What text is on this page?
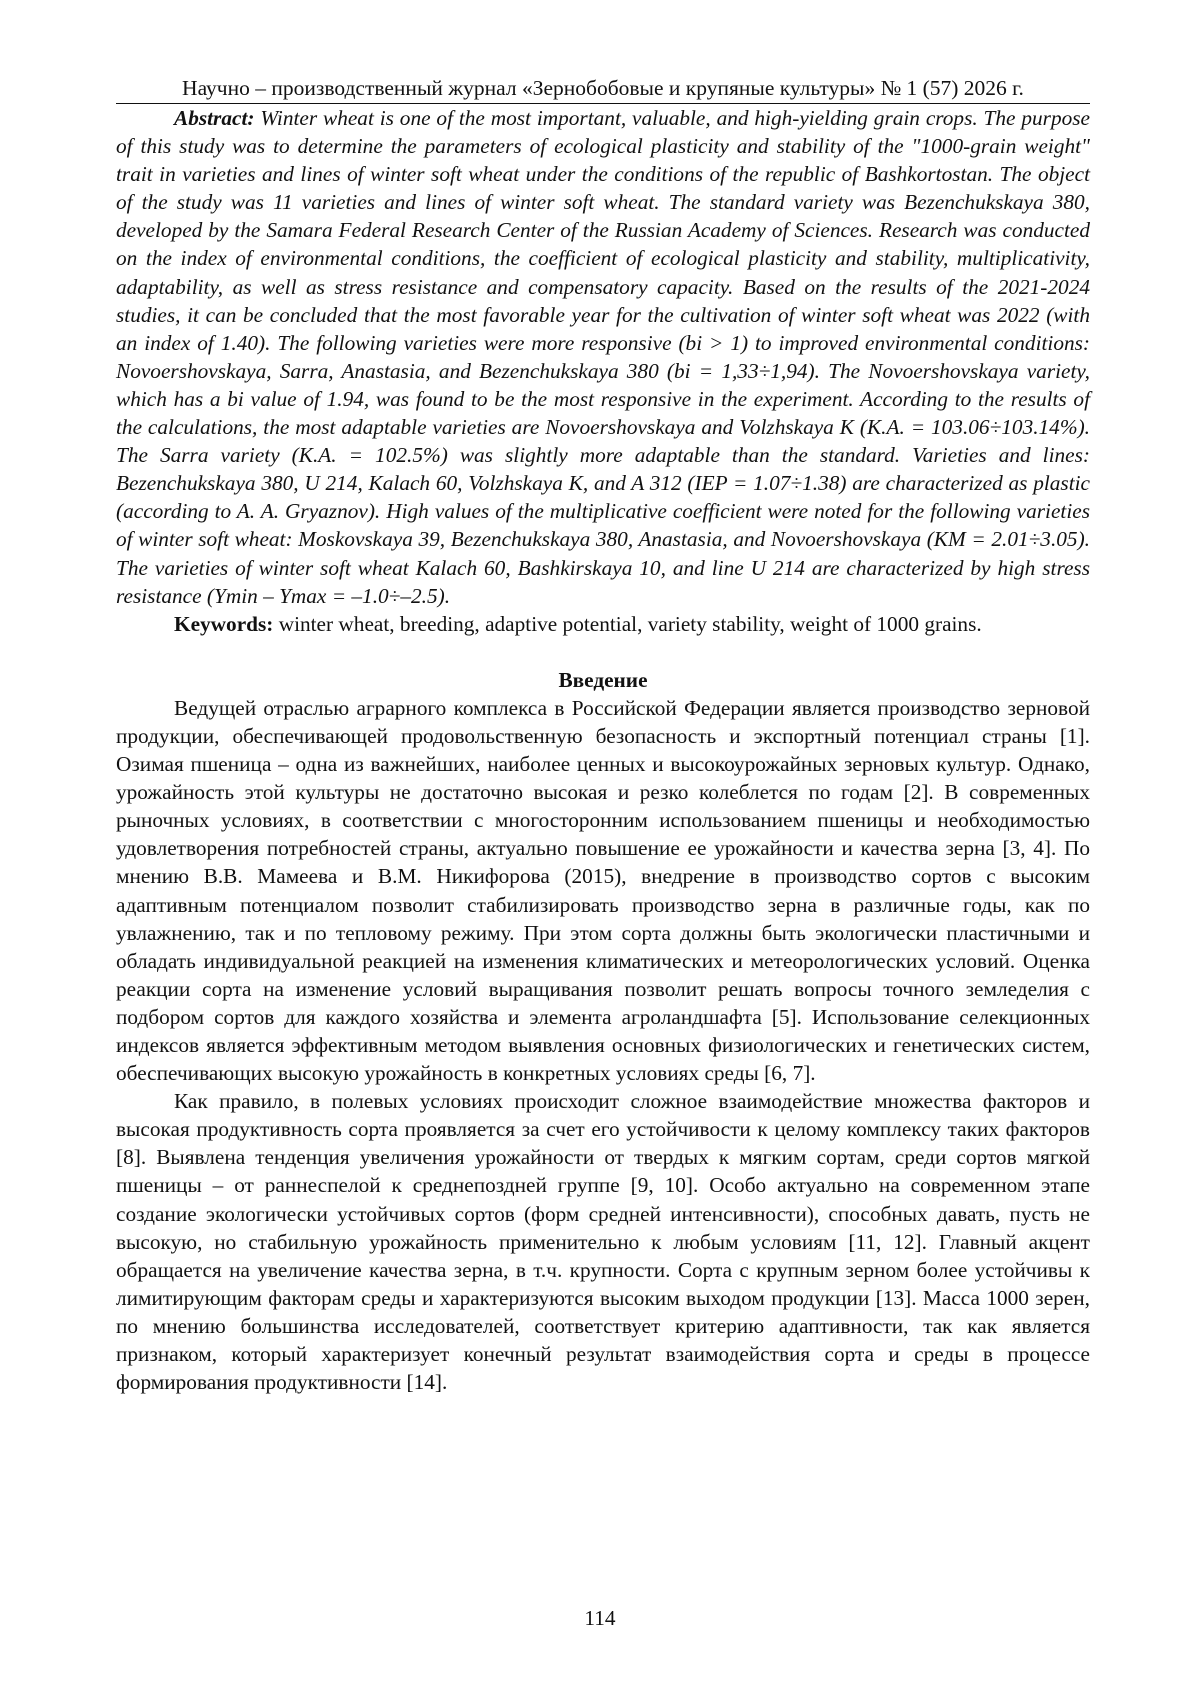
Научно – производственный журнал «Зернобобовые и крупяные культуры» № 1 (57) 2026 г.

Abstract: Winter wheat is one of the most important, valuable, and high-yielding grain crops. The purpose of this study was to determine the parameters of ecological plasticity and stability of the "1000-grain weight" trait in varieties and lines of winter soft wheat under the conditions of the republic of Bashkortostan. The object of the study was 11 varieties and lines of winter soft wheat. The standard variety was Bezenchukskaya 380, developed by the Samara Federal Research Center of the Russian Academy of Sciences. Research was conducted on the index of environmental conditions, the coefficient of ecological plasticity and stability, multiplicativity, adaptability, as well as stress resistance and compensatory capacity. Based on the results of the 2021-2024 studies, it can be concluded that the most favorable year for the cultivation of winter soft wheat was 2022 (with an index of 1.40). The following varieties were more responsive (bi > 1) to improved environmental conditions: Novoershovskaya, Sarra, Anastasia, and Bezenchukskaya 380 (bi = 1,33÷1,94). The Novoershovskaya variety, which has a bi value of 1.94, was found to be the most responsive in the experiment. According to the results of the calculations, the most adaptable varieties are Novoershovskaya and Volzhskaya K (K.A. = 103.06÷103.14%). The Sarra variety (K.A. = 102.5%) was slightly more adaptable than the standard. Varieties and lines: Bezenchukskaya 380, U 214, Kalach 60, Volzhskaya K, and A 312 (IEP = 1.07÷1.38) are characterized as plastic (according to A. A. Gryaznov). High values of the multiplicative coefficient were noted for the following varieties of winter soft wheat: Moskovskaya 39, Bezenchukskaya 380, Anastasia, and Novoershovskaya (KM = 2.01÷3.05). The varieties of winter soft wheat Kalach 60, Bashkirskaya 10, and line U 214 are characterized by high stress resistance (Ymin – Ymax = –1.0÷–2.5).

Keywords: winter wheat, breeding, adaptive potential, variety stability, weight of 1000 grains.

Введение

Ведущей отраслью аграрного комплекса в Российской Федерации является производство зерновой продукции, обеспечивающей продовольственную безопасность и экспортный потенциал страны [1]. Озимая пшеница – одна из важнейших, наиболее ценных и высокоурожайных зерновых культур. Однако, урожайность этой культуры не достаточно высокая и резко колеблется по годам [2]. В современных рыночных условиях, в соответствии с многосторонним использованием пшеницы и необходимостью удовлетворения потребностей страны, актуально повышение ее урожайности и качества зерна [3, 4]. По мнению В.В. Мамеева и В.М. Никифорова (2015), внедрение в производство сортов с высоким адаптивным потенциалом позволит стабилизировать производство зерна в различные годы, как по увлажнению, так и по тепловому режиму. При этом сорта должны быть экологически пластичными и обладать индивидуальной реакцией на изменения климатических и метеорологических условий. Оценка реакции сорта на изменение условий выращивания позволит решать вопросы точного земледелия с подбором сортов для каждого хозяйства и элемента агроландшафта [5]. Использование селекционных индексов является эффективным методом выявления основных физиологических и генетических систем, обеспечивающих высокую урожайность в конкретных условиях среды [6, 7].

Как правило, в полевых условиях происходит сложное взаимодействие множества факторов и высокая продуктивность сорта проявляется за счет его устойчивости к целому комплексу таких факторов [8]. Выявлена тенденция увеличения урожайности от твердых к мягким сортам, среди сортов мягкой пшеницы – от раннеспелой к среднепоздней группе [9, 10]. Особо актуально на современном этапе создание экологически устойчивых сортов (форм средней интенсивности), способных давать, пусть не высокую, но стабильную урожайность применительно к любым условиям [11, 12]. Главный акцент обращается на увеличение качества зерна, в т.ч. крупности. Сорта с крупным зерном более устойчивы к лимитирующим факторам среды и характеризуются высоким выходом продукции [13]. Масса 1000 зерен, по мнению большинства исследователей, соответствует критерию адаптивности, так как является признаком, который характеризует конечный результат взаимодействия сорта и среды в процессе формирования продуктивности [14].

114
